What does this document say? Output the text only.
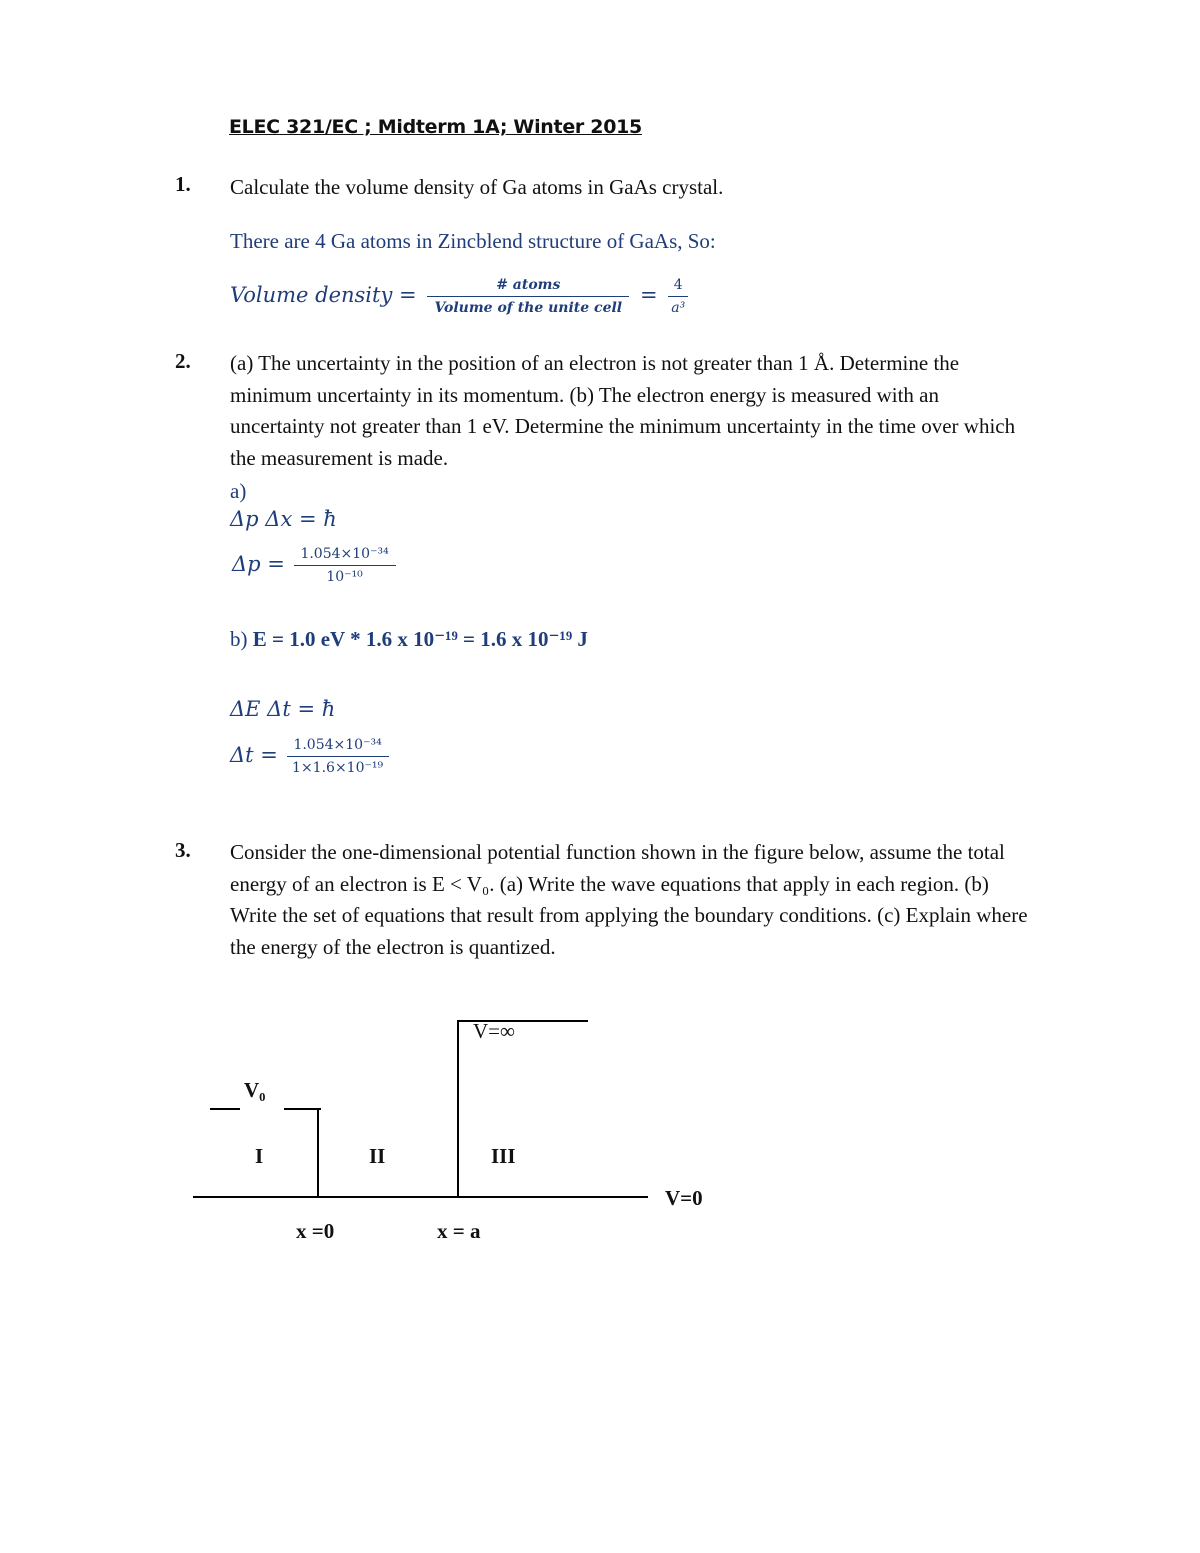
ELEC 321/EC ; Midterm 1A; Winter 2015
1. Calculate the volume density of Ga atoms in GaAs crystal.
There are 4 Ga atoms in Zincblend structure of GaAs, So:
Volume density = $\frac{\text{\# atoms}}{\text{Volume of the unite cell}} = \frac{4}{\text{a³}}$
2. (a) The uncertainty in the position of an electron is not greater than 1 Å. Determine the minimum uncertainty in its momentum. (b) The electron energy is measured with an uncertainty not greater than 1 eV. Determine the minimum uncertainty in the time over which the measurement is made.
a)
Δp Δx = ħ
$\Delta p = \frac{\text{1.054×10⁻³⁴}}{\text{10⁻¹⁰}}$
b) E = 1.0 eV * 1.6 x 10⁻¹⁹ = 1.6 x 10⁻¹⁹ J
ΔE Δt = ħ
$\Delta t = \frac{\text{1.054×10⁻³⁴}}{\text{1×1.6×10⁻¹⁹}}$
3. Consider the one-dimensional potential function shown in the figure below, assume the total energy of an electron is E < V₀. (a) Write the wave equations that apply in each region. (b) Write the set of equations that result from applying the boundary conditions. (c) Explain where the energy of the electron is quantized.
V=∞
V₀
I	II	III
V=0
x =0	x = a
